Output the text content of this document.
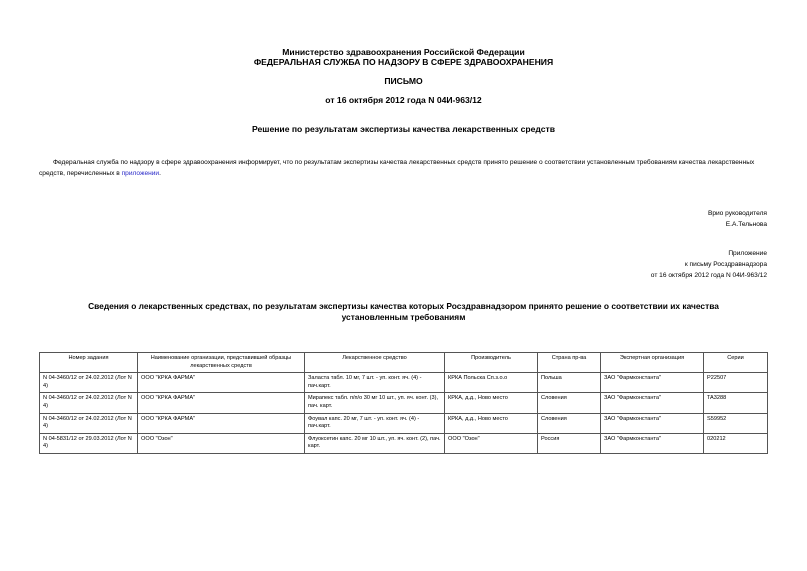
Министерство здравоохранения Российской Федерации
ФЕДЕРАЛЬНАЯ СЛУЖБА ПО НАДЗОРУ В СФЕРЕ ЗДРАВООХРАНЕНИЯ
ПИСЬМО
от 16 октября 2012 года N 04И-963/12
Решение по результатам экспертизы качества лекарственных средств
Федеральная служба по надзору в сфере здравоохранения информирует, что по результатам экспертизы качества лекарственных средств принято решение о соответствии установленным требованиям качества лекарственных средств, перечисленных в приложении.
Врио руководителя
Е.А.Тельнова
Приложение
к письму Росздравнадзора
от 16 октября 2012 года N 04И-963/12
Сведения о лекарственных средствах, по результатам экспертизы качества которых Росздравнадзором принято решение о соответствии их качества
установленным требованиям
Номер задания	Наименование организации, представившей образцы лекарственных средств	Лекарственное средство	Производитель	Страна пр-ва	Экспертная организация	Серии
N 04-3460/12 от 24.02.2012 (Лот N 4)	ООО "КРКА ФАРМА"	Заласта табл. 10 мг, 7 шт. - уп. конт. яч. (4) - пач.карт.	КРКА Польска Сп.з.о.о	Польша	ЗАО "Фармконстанта"	P22507
N 04-3460/12 от 24.02.2012 (Лот N 4)	ООО "КРКА ФАРМА"	Мирапекс табл. п/п/о 30 мг 10 шт., уп. яч. конт. (3), пач. карт.	КРКА, д.д., Ново место	Словения	ЗАО "Фармконстанта"	TA3288
N 04-3460/12 от 24.02.2012 (Лот N 4)	ООО "КРКА ФАРМА"	Фоувал капс. 20 мг, 7 шт. - уп. конт. яч. (4) - пач.карт.	КРКА, д.д., Ново место	Словения	ЗАО "Фармконстанта"	S59952
N 04-5831/12 от 29.03.2012 (Лот N 4)	ООО "Озон"	Флуоксетин капс. 20 мг 10 шт., уп. яч. конт. (2), пач. карт.	ООО "Озон"	Россия	ЗАО "Фармконстанта"	020212
